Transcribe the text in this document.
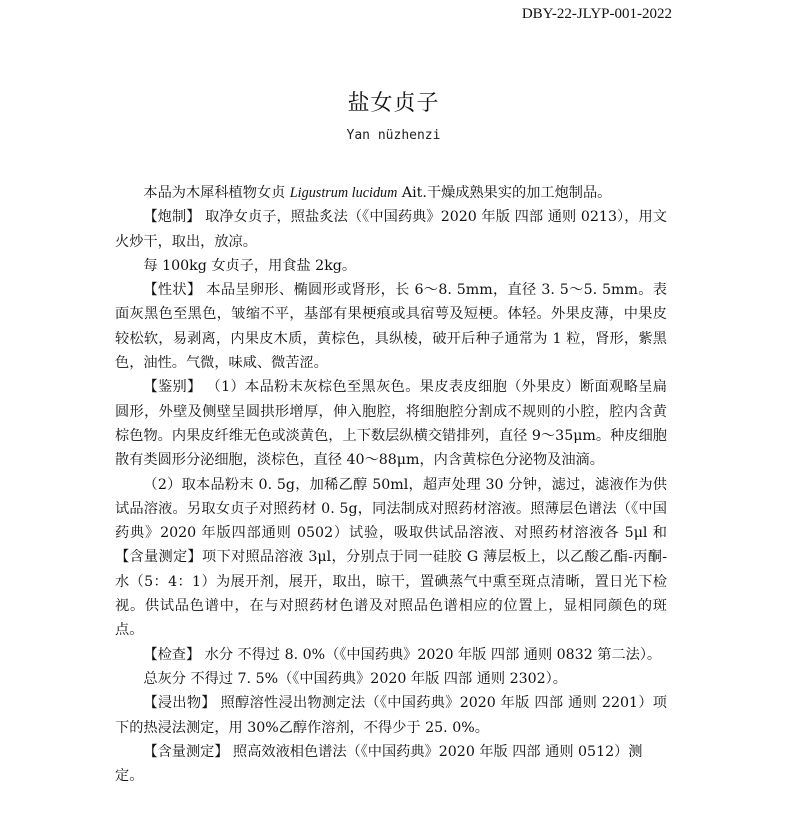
DBY-22-JLYP-001-2022
盐女贞子
Yan nüzhenzi

本品为木犀科植物女贞 Ligustrum lucidum Ait.干燥成熟果实的加工炮制品。

【炮制】 取净女贞子，照盐炙法（《中国药典》2020 年版 四部 通则 0213），用文火炒干，取出，放凉。

每 100kg 女贞子，用食盐 2kg。

【性状】 本品呈卵形、椭圆形或肾形，长 6～8. 5mm，直径 3. 5～5. 5mm。表面灰黑色至黑色，皱缩不平，基部有果梗痕或具宿萼及短梗。体轻。外果皮薄，中果皮较松软，易剥离，内果皮木质，黄棕色，具纵棱，破开后种子通常为 1 粒，肾形，紫黑色，油性。气微，味咸、微苦涩。

【鉴别】 （1）本品粉末灰棕色至黑灰色。果皮表皮细胞（外果皮）断面观略呈扁圆形，外壁及侧壁呈圆拱形增厚，伸入胞腔，将细胞腔分割成不规则的小腔，腔内含黄棕色物。内果皮纤维无色或淡黄色，上下数层纵横交错排列，直径 9～35μm。种皮细胞散有类圆形分泌细胞，淡棕色，直径 40～88μm，内含黄棕色分泌物及油滴。

（2）取本品粉末 0. 5g，加稀乙醇 50ml，超声处理 30 分钟，滤过，滤液作为供试品溶液。另取女贞子对照药材 0. 5g，同法制成对照药材溶液。照薄层色谱法（《中国药典》2020 年版四部通则 0502）试验，吸取供试品溶液、对照药材溶液各 5μl 和【含量测定】项下对照品溶液 3μl，分别点于同一硅胶 G 薄层板上，以乙酸乙酯-丙酮-水（5：4：1）为展开剂，展开，取出，晾干，置碘蒸气中熏至斑点清晰，置日光下检视。供试品色谱中，在与对照药材色谱及对照品色谱相应的位置上，显相同颜色的斑点。

【检查】 水分 不得过 8. 0%（《中国药典》2020 年版 四部 通则 0832 第二法）。

总灰分 不得过 7. 5%（《中国药典》2020 年版 四部 通则 2302）。

【浸出物】 照醇溶性浸出物测定法（《中国药典》2020 年版 四部 通则 2201）项下的热浸法测定，用 30%乙醇作溶剂，不得少于 25. 0%。

【含量测定】 照高效液相色谱法（《中国药典》2020 年版 四部 通则 0512）测定。
